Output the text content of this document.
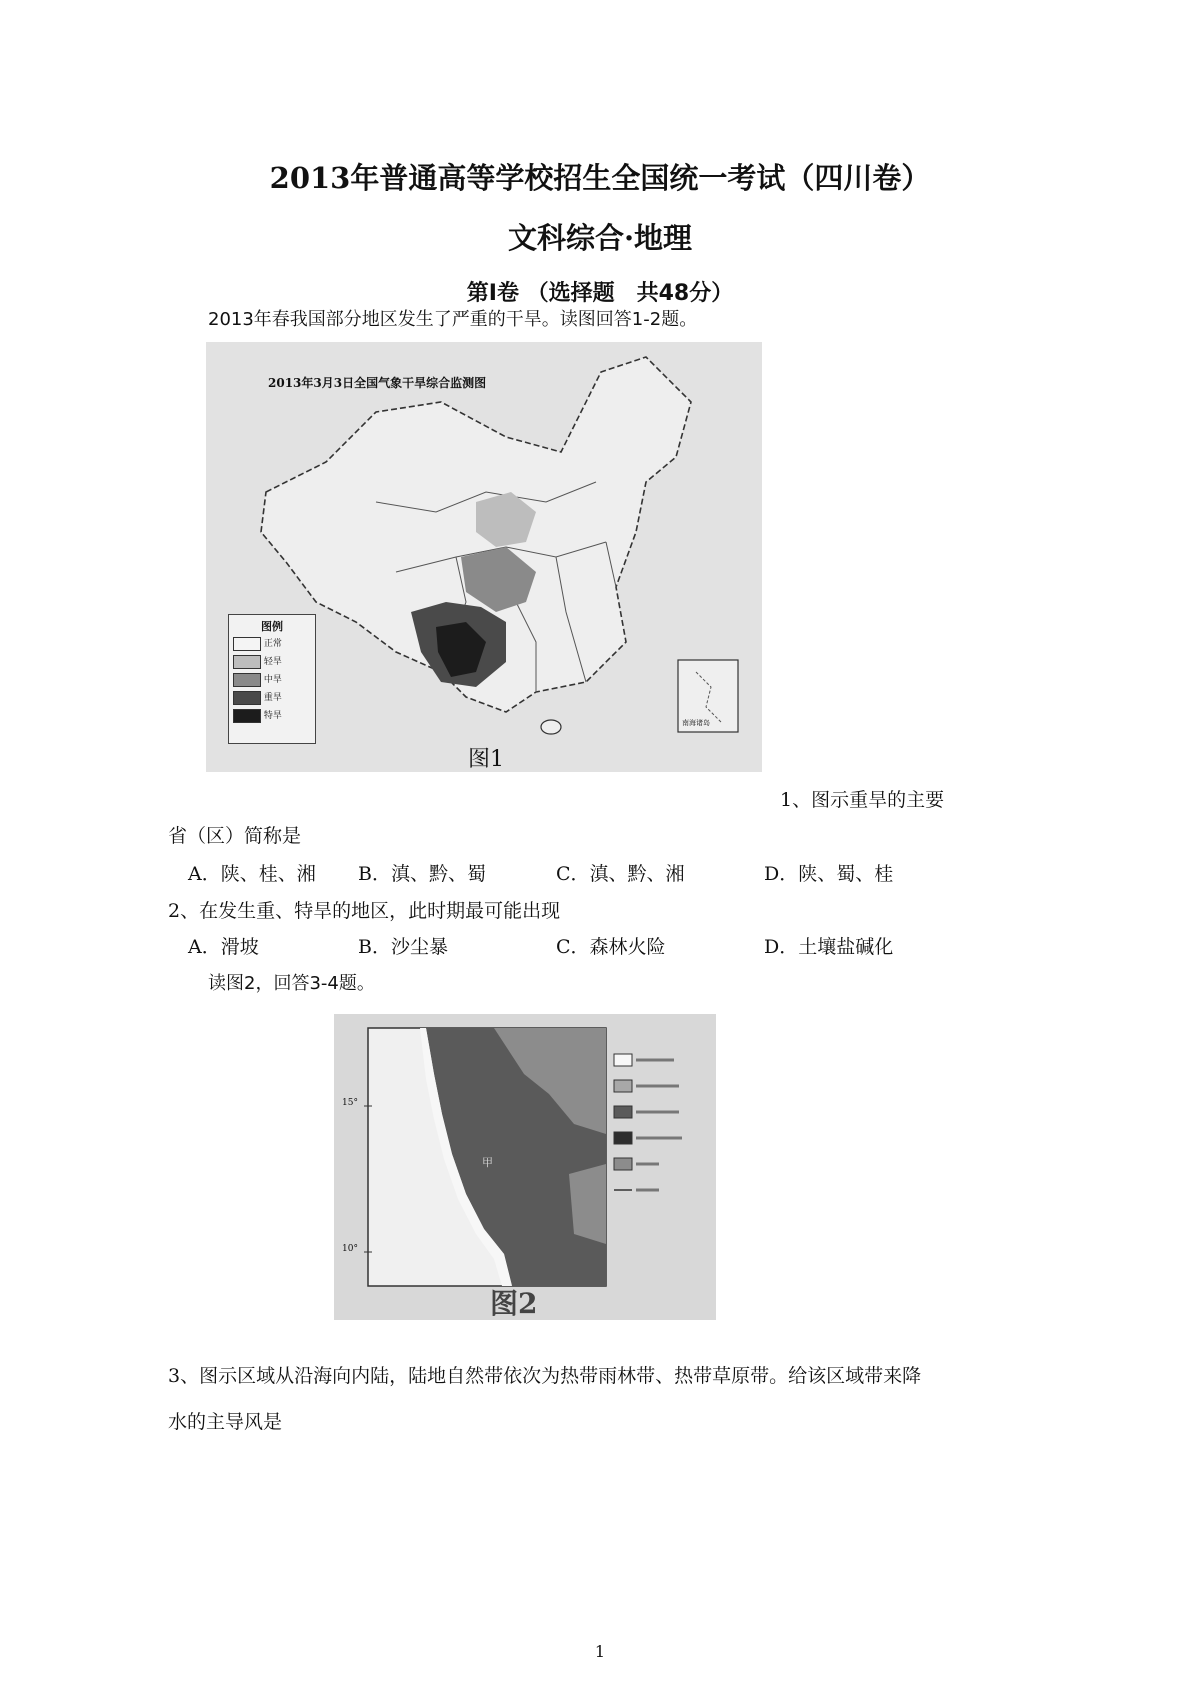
2013年普通高等学校招生全国统一考试（四川卷）
文科综合·地理
第Ⅰ卷 （选择题　共48分）
2013年春我国部分地区发生了严重的干旱。读图回答1-2题。
2013年3月3日全国气象干旱综合监测图
图例
正常
轻旱
中旱
重旱
特旱
南海诸岛
图1
1、图示重旱的主要
省（区）简称是
A．陕、桂、湘 B．滇、黔、蜀	C．滇、黔、湘	D．陕、蜀、桂
2、在发生重、特旱的地区，此时期最可能出现
A．滑坡	B．沙尘暴	C．森林火险	D．土壤盐碱化
读图2，回答3-4题。
15°
10°
甲
图2
3、图示区域从沿海向内陆，陆地自然带依次为热带雨林带、热带草原带。给该区域带来降
水的主导风是
1
